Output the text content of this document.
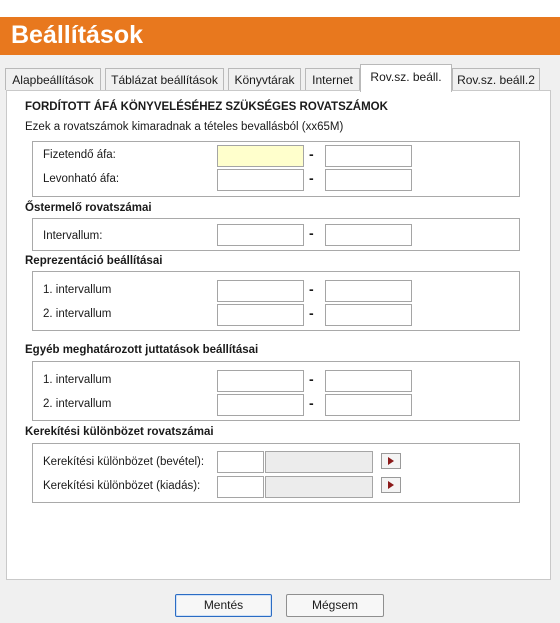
Beállítások
Alapbeállítások	Táblázat beállítások	Könyvtárak	Internet	Rov.sz. beáll.	Rov.sz. beáll.2
FORDÍTOTT ÁFÁ KÖNYVELÉSÉHEZ SZÜKSÉGES ROVATSZÁMOK
Ezek a rovatszámok kimaradnak a tételes bevallásból (xx65M)
Fizetendő áfa:	-
Levonható áfa:	-
Őstermelő rovatszámai
Intervallum:	-
Reprezentáció beállításai
1. intervallum	-
2. intervallum	-
Egyéb meghatározott juttatások beállításai
1. intervallum	-
2. intervallum	-
Kerekítési különbözet rovatszámai
Kerekítési különbözet (bevétel):
Kerekítési különbözet (kiadás):
Mentés	Mégsem
